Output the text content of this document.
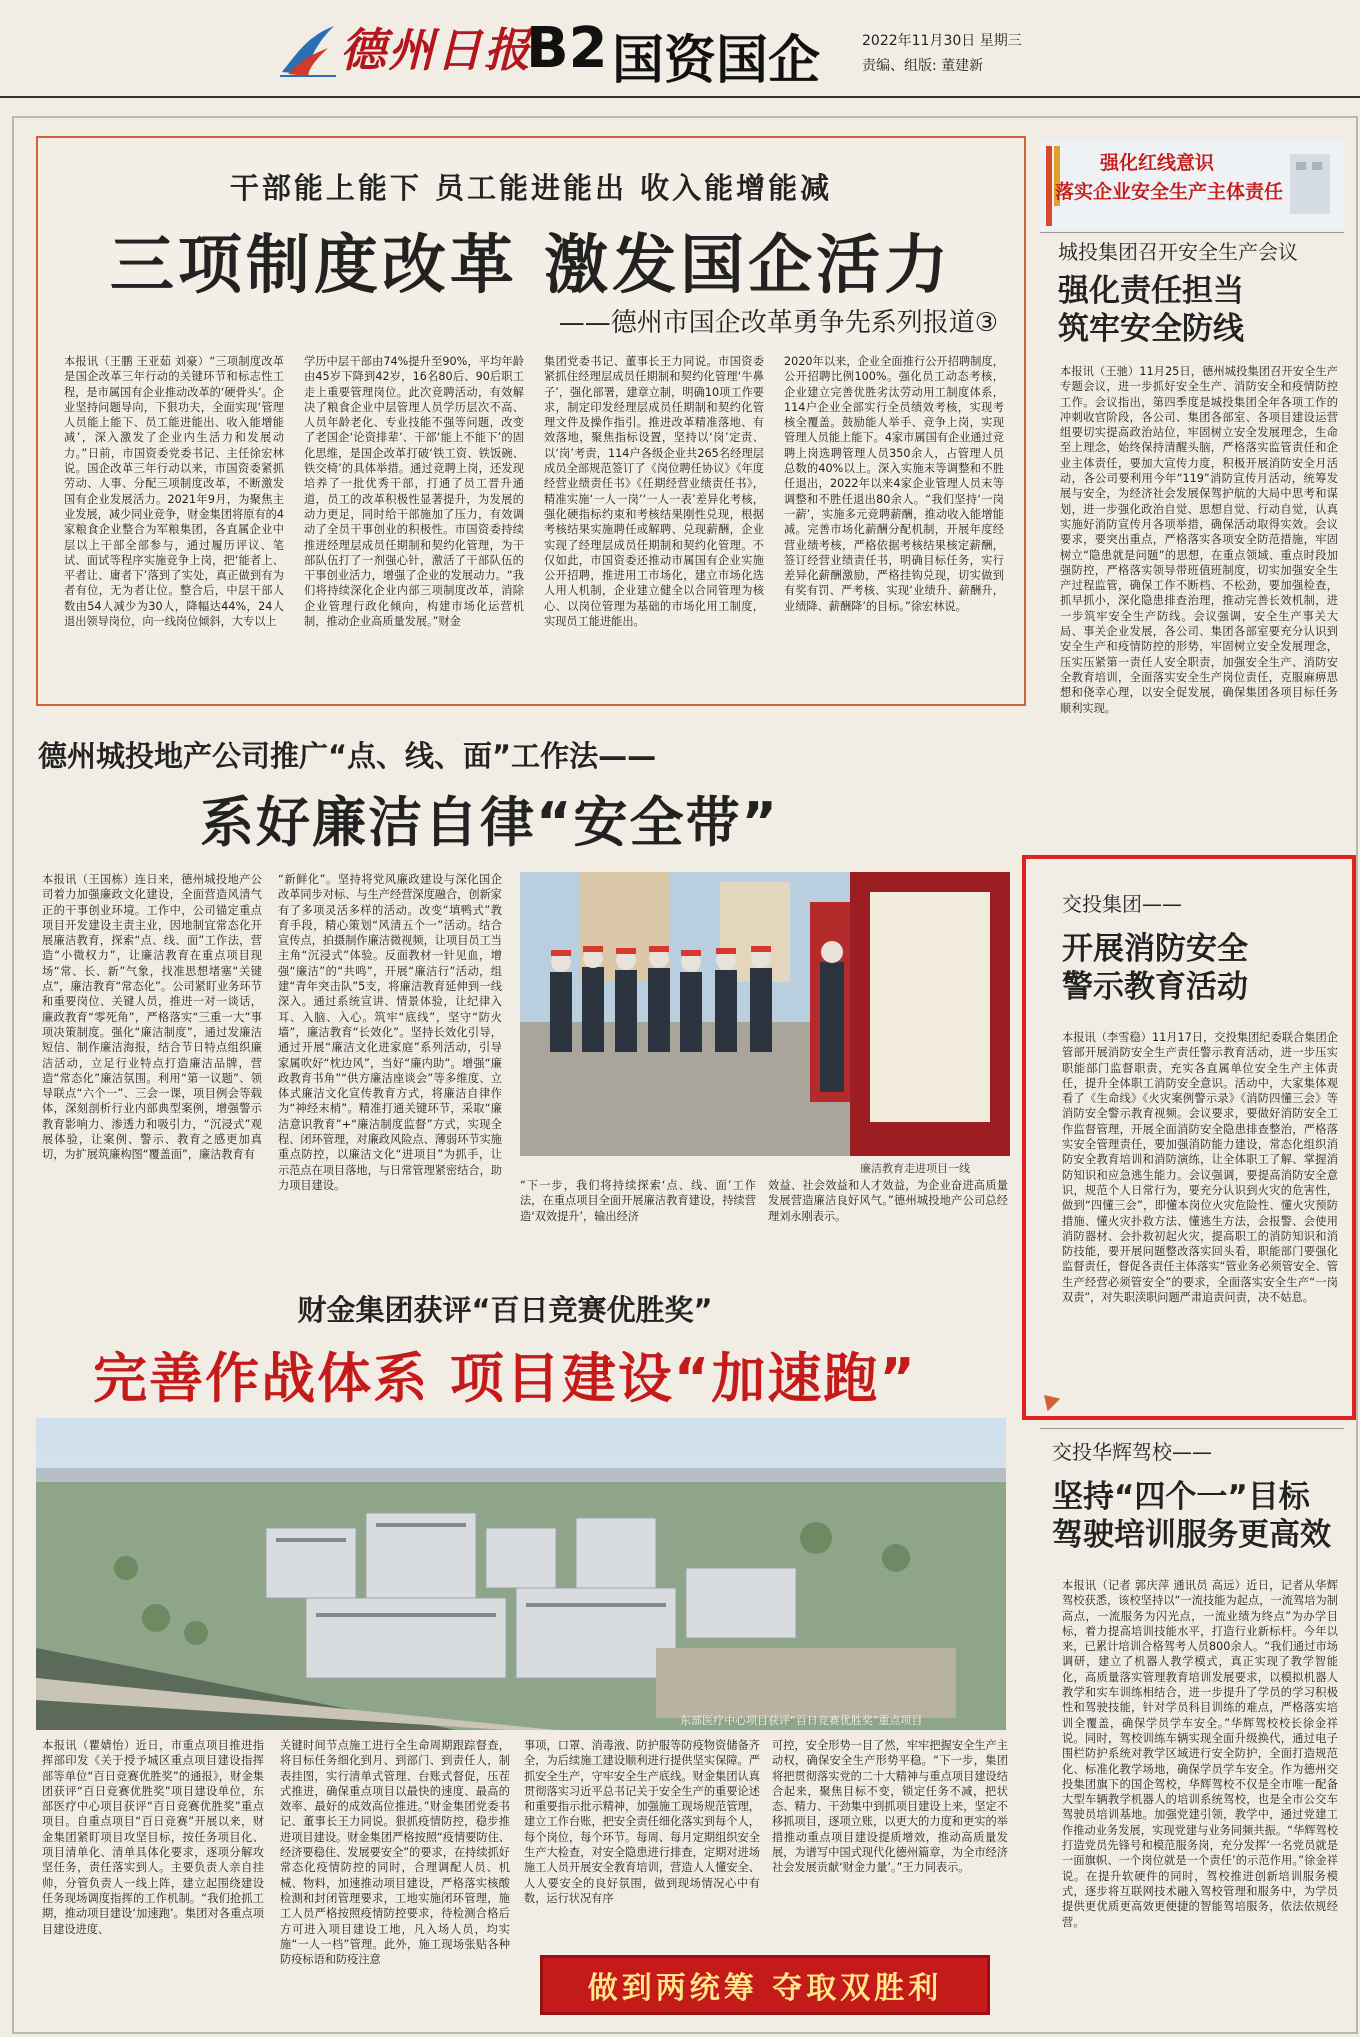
德州日报
B2 国资国企	2022年11月30日 星期三
责编、组版: 董建新
干部能上能下 员工能进能出 收入能增能减
三项制度改革 激发国企活力
——德州市国企改革勇争先系列报道③
本报讯（王鹏 王亚茹 刘豪）“三项制度改革是国企改革三年行动的关键环节和标志性工程，是市属国有企业推动改革的‘硬骨头’。企业坚持问题导向，下狠功夫，全面实现‘管理人员能上能下、员工能进能出、收入能增能减’，深入激发了企业内生活力和发展动力。”日前，市国资委党委书记、主任徐宏林说。国企改革三年行动以来，市国资委紧抓劳动、人事、分配三项制度改革，不断激发国有企业发展活力。2021年9月，为聚焦主业发展，减少同业竞争，财金集团将原有的4家粮食企业整合为军粮集团，各直属企业中层以上干部全部参与，通过履历评议、笔试、面试等程序实施竞争上岗，把‘能者上、平者让、庸者下’落到了实处，真正做到有为者有位，无为者让位。整合后，中层干部人数由54人减少为30人，降幅达44%，24人退出领导岗位，向一线岗位倾斜，大专以上
学历中层干部由74%提升至90%，平均年龄由45岁下降到42岁，16名80后、90后职工走上重要管理岗位。此次竞聘活动，有效解决了粮食企业中层管理人员学历层次不高、人员年龄老化、专业技能不强等问题，改变了老国企‘论资排辈’、干部‘能上不能下’的固化思维，是国企改革打破‘铁工资、铁饭碗、铁交椅’的具体举措。通过竞聘上岗，还发现培养了一批优秀干部，打通了员工晋升通道，员工的改革积极性显著提升，为发展的动力更足，同时给干部施加了压力，有效调动了全员干事创业的积极性。市国资委持续推进经理层成员任期制和契约化管理，为干部队伍打了一剂强心针，激活了干部队伍的干事创业活力，增强了企业的发展动力。“我们将持续深化企业内部三项制度改革，消除企业管理行政化倾向，构建市场化运营机制，推动企业高质量发展。”财金
集团党委书记、董事长王力同说。市国资委紧抓住经理层成员任期制和契约化管理‘牛鼻子’，强化部署，建章立制，明确10项工作要求，制定印发经理层成员任期制和契约化管理文件及操作指引。推进改革精准落地、有效落地，聚焦指标设置，坚持以‘岗’定责、以‘岗’考责，114户各级企业共265名经理层成员全部规范签订了《岗位聘任协议》《年度经营业绩责任书》《任期经营业绩责任书》，精准实施‘一人一岗’‘一人一表’差异化考核，强化硬指标约束和考核结果刚性兑现，根据考核结果实施聘任或解聘、兑现薪酬，企业实现了经理层成员任期制和契约化管理。不仅如此，市国资委还推动市属国有企业实施公开招聘，推进用工市场化，建立市场化选人用人机制，企业建立健全以合同管理为核心、以岗位管理为基础的市场化用工制度，实现员工能进能出。
2020年以来，企业全面推行公开招聘制度，公开招聘比例100%。强化员工动态考核，企业建立完善优胜劣汰劳动用工制度体系，114户企业全部实行全员绩效考核，实现考核全覆盖。鼓励能人举手、竞争上岗，实现管理人员能上能下。4家市属国有企业通过竞聘上岗选聘管理人员350余人，占管理人员总数的40%以上。深入实施末等调整和不胜任退出，2022年以来4家企业管理人员末等调整和不胜任退出80余人。“我们坚持‘一岗一薪’，实施多元竞聘薪酬，推动收入能增能减。完善市场化薪酬分配机制，开展年度经营业绩考核，严格依据考核结果核定薪酬，签订经营业绩责任书，明确目标任务，实行差异化薪酬激励，严格挂钩兑现，切实做到有奖有罚、严考核、实现‘业绩升、薪酬升，业绩降、薪酬降’的目标。”徐宏林说。
德州城投地产公司推广“点、线、面”工作法——
系好廉洁自律“安全带”
本报讯（王国栋）连日来，德州城投地产公司着力加强廉政文化建设，全面营造风清气正的干事创业环境。工作中，公司锚定重点项目开发建设主责主业，因地制宜常态化开展廉洁教育，探索“点、线、面”工作法，营造“小微权力”，让廉洁教育在重点项目现场“常、长、新”气象，找准思想堵塞“关键点”，廉洁教育“常态化”。公司紧盯业务环节和重要岗位、关键人员，推进一对一谈话，廉政教育“零死角”，严格落实“三重一大”事项决策制度。强化“廉洁制度”，通过发廉洁短信、制作廉洁海报，结合节日特点组织廉洁活动，立足行业特点打造廉洁品牌，营造“常态化”廉洁氛围。利用“第一议题”、领导联点“六个一”、三会一课，项目例会等载体，深刻剖析行业内部典型案例，增强警示教育影响力、渗透力和吸引力，“沉浸式”观展体验，让案例、警示、教育之感更加真切，为扩展筑廉构图“覆盖面”，廉洁教育有
“新鲜化”。坚持将党风廉政建设与深化国企改革同步对标、与生产经营深度融合，创新家有了多项灵活多样的活动。改变“填鸭式”教育手段，精心策划“风清五个一”活动。结合宣传点，拍摄制作廉洁微视频，让项目员工当主角“沉浸式”体验。反面教材一针见血，增强“廉洁”的“共鸣”，开展“廉洁行”活动，组建“青年突击队”5支，将廉洁教育延伸到一线深入。通过系统宣讲、情景体验，让纪律入耳、入脑、入心。筑牢“底线”，坚守“防火墙”，廉洁教育“长效化”。坚持长效化引导，通过开展“廉洁文化进家庭”系列活动，引导家属吹好“枕边风”，当好“廉内助”。增强“廉政教育书角”“供方廉洁座谈会”等多维度、立体式廉洁文化宣传教育方式，将廉洁自律作为“神经末梢”。精准打通关键环节，采取“廉洁意识教育”+“廉洁制度监督”方式，实现全程、闭环管理，对廉政风险点、薄弱环节实施重点防控，以廉洁文化“进项目”为抓手，让示范点在项目落地，与日常管理紧密结合，助力项目建设。
廉洁教育走进项目一线
“下一步，我们将持续探索‘点、线、面’工作法，在重点项目全面开展廉洁教育建设，持续营造‘双效提升’，输出经济
效益、社会效益和人才效益，为企业奋进高质量发展营造廉洁良好风气。”德州城投地产公司总经理刘永刚表示。
财金集团获评“百日竞赛优胜奖”
完善作战体系 项目建设“加速跑”
东部医疗中心项目获评“百日竞赛优胜奖”重点项目
本报讯（瞿婧怡）近日，市重点项目推进指挥部印发《关于授予城区重点项目建设指挥部等单位“百日竞赛优胜奖”的通报》，财金集团获评“百日竞赛优胜奖”项目建设单位，东部医疗中心项目获评“百日竞赛优胜奖”重点项目。自重点项目“百日竞赛”开展以来，财金集团紧盯项目攻坚目标，按任务项目化、项目清单化、清单具体化要求，逐项分解攻坚任务，责任落实到人。主要负责人亲自挂帅，分管负责人一线上阵，建立起围绕建设任务现场调度指挥的工作机制。“我们抢抓工期，推动项目建设‘加速跑’。集团对各重点项目建设进度、
关键时间节点施工进行全生命周期跟踪督查，将目标任务细化到月、到部门、到责任人，制表挂图，实行清单式管理、台账式督促，压茬式推进，确保重点项目以最快的速度、最高的效率、最好的成效高位推进。”财金集团党委书记、董事长王力同说。狠抓疫情防控，稳步推进项目建设。财金集团严格按照“疫情要防住、经济要稳住、发展要安全”的要求，在持续抓好常态化疫情防控的同时，合理调配人员、机械、物料，加速推动项目建设，严格落实核酸检测和封闭管理要求，工地实施闭环管理，施工人员严格按照疫情防控要求，待检测合格后方可进入项目建设工地，凡入场人员，均实施“一人一档”管理。此外，施工现场张贴各种防疫标语和防疫注意
事项，口罩、消毒液、防护服等防疫物资储备齐全，为后续施工建设顺利进行提供坚实保障。严抓安全生产，守牢安全生产底线。财金集团认真贯彻落实习近平总书记关于安全生产的重要论述和重要指示批示精神，加强施工现场规范管理，建立工作台账，把安全责任细化落实到每个人，每个岗位，每个环节。每周、每月定期组织安全生产大检查，对安全隐患进行排查，定期对进场施工人员开展安全教育培训，营造人人懂安全、人人要安全的良好氛围，做到现场情况心中有数，运行状况有序
可控，安全形势一目了然，牢牢把握安全生产主动权，确保安全生产形势平稳。“下一步，集团将把贯彻落实党的二十大精神与重点项目建设结合起来，聚焦目标不变，锁定任务不减，把状态、精力、干劲集中到抓项目建设上来，坚定不移抓项目，逐项立账，以更大的力度和更实的举措推动重点项目建设提质增效，推动高质量发展，为谱写中国式现代化德州篇章，为全市经济社会发展贡献‘财金力量’。”王力同表示。
做到两统筹 夺取双胜利
强化红线意识
落实企业安全生产主体责任
城投集团召开安全生产会议
强化责任担当
筑牢安全防线
本报讯（王驰）11月25日，德州城投集团召开安全生产专题会议，进一步抓好安全生产、消防安全和疫情防控工作。会议指出，第四季度是城投集团全年各项工作的冲刺收官阶段，各公司、集团各部室、各项目建设运营组要切实提高政治站位，牢固树立安全发展理念，生命至上理念，始终保持清醒头脑，严格落实监管责任和企业主体责任，要加大宣传力度，积极开展消防安全月活动，各公司要利用今年“119”消防宣传月活动，统筹发展与安全，为经济社会发展保驾护航的大局中思考和谋划，进一步强化政治自觉、思想自觉、行动自觉，认真实施好消防宣传月各项举措，确保活动取得实效。会议要求，要突出重点，严格落实各项安全防范措施，牢固树立“隐患就是问题”的思想，在重点领域、重点时段加强防控，严格落实领导带班值班制度，切实加强安全生产过程监管，确保工作不断档、不松劲，要加强检查，抓早抓小，深化隐患排查治理，推动完善长效机制，进一步筑牢安全生产防线。会议强调，安全生产事关大局、事关企业发展，各公司、集团各部室要充分认识到安全生产和疫情防控的形势，牢固树立安全发展理念，压实压紧第一责任人安全职责，加强安全生产、消防安全教育培训，全面落实安全生产岗位责任，克服麻痹思想和侥幸心理，以安全促发展，确保集团各项目标任务顺利实现。
交投集团——
开展消防安全
警示教育活动
本报讯（李雪稳）11月17日，交投集团纪委联合集团企管部开展消防安全生产责任警示教育活动，进一步压实职能部门监督职责，充实各直属单位安全生产主体责任，提升全体职工消防安全意识。活动中，大家集体观看了《生命线》《火灾案例警示录》《消防四懂三会》等消防安全警示教育视频。会议要求，要做好消防安全工作监督管理，开展全面消防安全隐患排查整治，严格落实安全管理责任，要加强消防能力建设，常态化组织消防安全教育培训和消防演练，让全体职工了解、掌握消防知识和应急逃生能力。会议强调，要提高消防安全意识，规范个人日常行为，要充分认识到火灾的危害性，做到“四懂三会”，即懂本岗位火灾危险性、懂火灾预防措施、懂火灾扑救方法、懂逃生方法，会报警、会使用消防器材、会扑救初起火灾，提高职工的消防知识和消防技能，要开展问题整改落实回头看，职能部门要强化监督责任，督促各责任主体落实“管业务必须管安全、管生产经营必须管安全”的要求，全面落实安全生产“一岗双责”，对失职渎职问题严肃追责问责，决不姑息。
交投华辉驾校——
坚持“四个一”目标
驾驶培训服务更高效
本报讯（记者 郭庆萍 通讯员 高远）近日，记者从华辉驾校获悉，该校坚持以“一流技能为起点，一流驾培为制高点，一流服务为闪光点，一流业绩为终点”为办学目标，着力提高培训技能水平，打造行业新标杆。今年以来，已累计培训合格驾考人员800余人。“我们通过市场调研，建立了机器人教学模式，真正实现了教学智能化，高质量落实管理教育培训发展要求，以模拟机器人教学和实车训练相结合，进一步提升了学员的学习积极性和驾驶技能，针对学员科目训练的难点，严格落实培训全覆盖，确保学员学车安全。”华辉驾校校长徐金祥说。同时，驾校训练车辆实现全面升级换代，通过电子围栏防护系统对教学区域进行安全防护，全面打造规范化、标准化教学场地，确保学员学车安全。作为德州交投集团旗下的国企驾校，华辉驾校不仅是全市唯一配备大型车辆教学机器人的培训系统驾校，也是全市公交车驾驶员培训基地。加强党建引领，教学中，通过党建工作推动业务发展，实现党建与业务同频共振。“华辉驾校打造党员先锋号和模范服务岗，充分发挥‘一名党员就是一面旗帜、一个岗位就是一个责任’的示范作用。”徐金祥说。在提升软硬件的同时，驾校推进创新培训服务模式，逐步将互联网技术融入驾校管理和服务中，为学员提供更优质更高效更便捷的智能驾培服务，依法依规经营。
